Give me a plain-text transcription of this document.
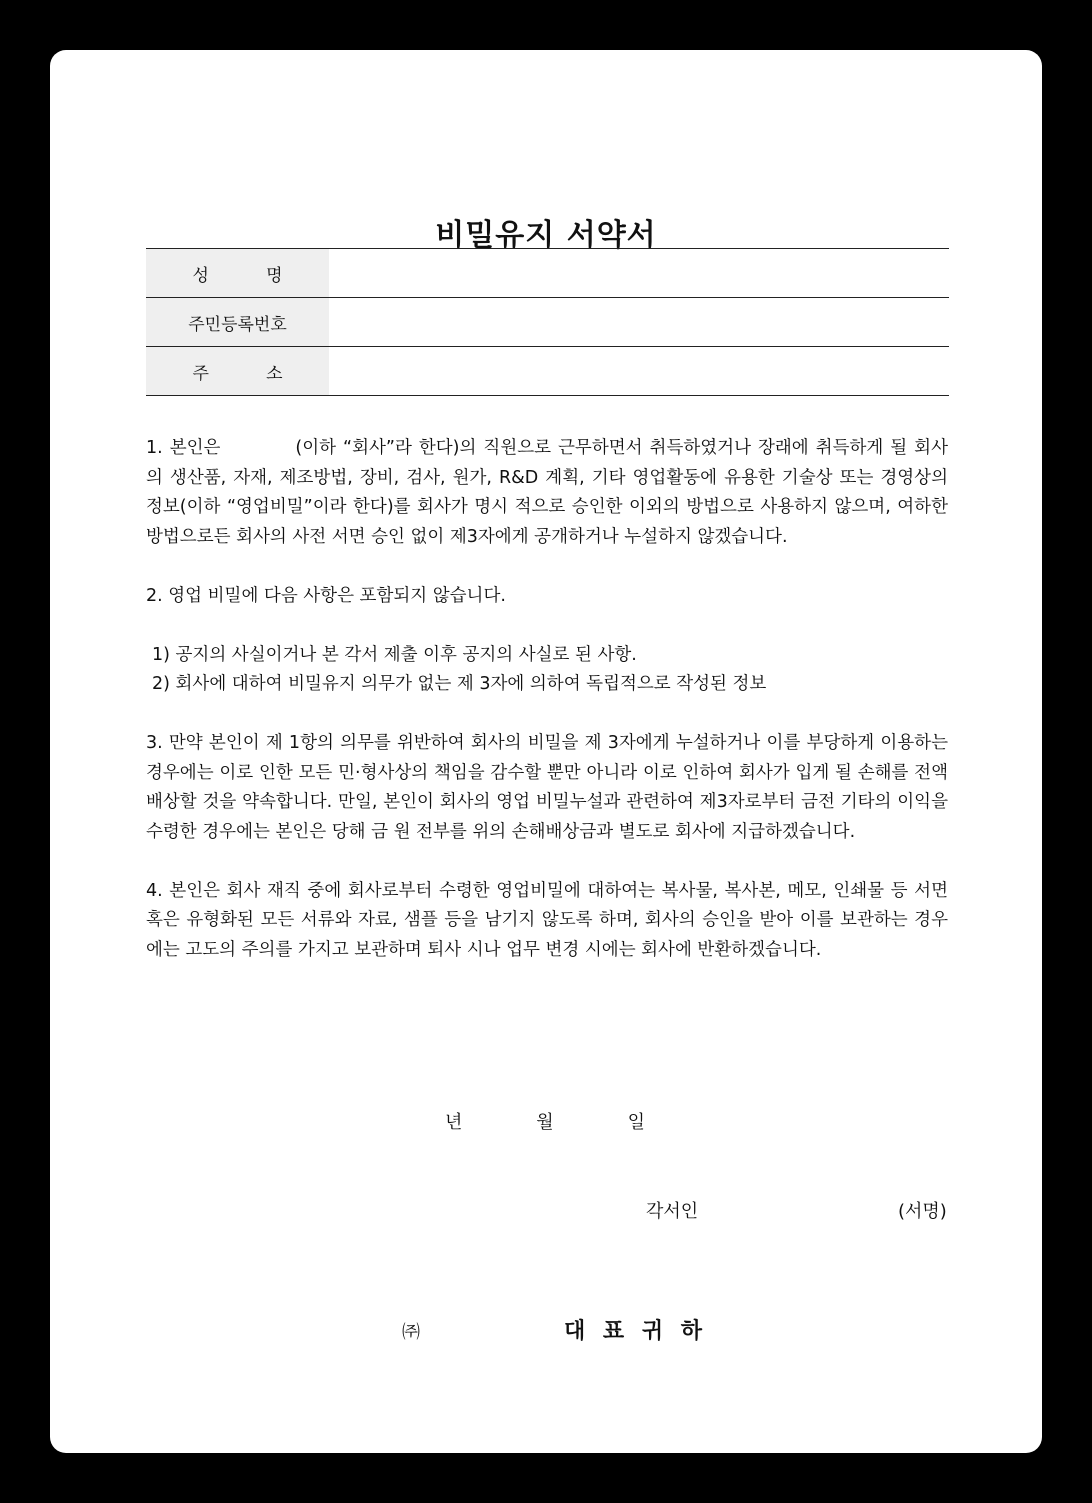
비밀유지 서약서
성 명	

주민등록번호	

주 소	

1. 본인은	(이하 “회사”라 한다)의 직원으로 근무하면서 취득하였거나 장래에 취득하게 될 회사의 생산품, 자재, 제조방법, 장비, 검사, 원가, R&D 계획, 기타 영업활동에 유용한 기술상 또는 경영상의 정보(이하 “영업비밀”이라 한다)를 회사가 명시 적으로 승인한 이외의 방법으로 사용하지 않으며, 여하한 방법으로든 회사의 사전 서면 승인 없이 제3자에게 공개하거나 누설하지 않겠습니다.

2. 영업 비밀에 다음 사항은 포함되지 않습니다.

1) 공지의 사실이거나 본 각서 제출 이후 공지의 사실로 된 사항.

2) 회사에 대하여 비밀유지 의무가 없는 제 3자에 의하여 독립적으로 작성된 정보

3. 만약 본인이 제 1항의 의무를 위반하여 회사의 비밀을 제 3자에게 누설하거나 이를 부당하게 이용하는 경우에는 이로 인한 모든 민·형사상의 책임을 감수할 뿐만 아니라 이로 인하여 회사가 입게 될 손해를 전액 배상할 것을 약속합니다. 만일, 본인이 회사의 영업 비밀누설과 관련하여 제3자로부터 금전 기타의 이익을 수령한 경우에는 본인은 당해 금 원 전부를 위의 손해배상금과 별도로 회사에 지급하겠습니다.

4. 본인은 회사 재직 중에 회사로부터 수령한 영업비밀에 대하여는 복사물, 복사본, 메모, 인쇄물 등 서면 혹은 유형화된 모든 서류와 자료, 샘플 등을 남기지 않도록 하며, 회사의 승인을 받아 이를 보관하는 경우에는 고도의 주의를 가지고 보관하며 퇴사 시나 업무 변경 시에는 회사에 반환하겠습니다.

년	월	일
각서인	(서명)
㈜	대 표 귀 하
